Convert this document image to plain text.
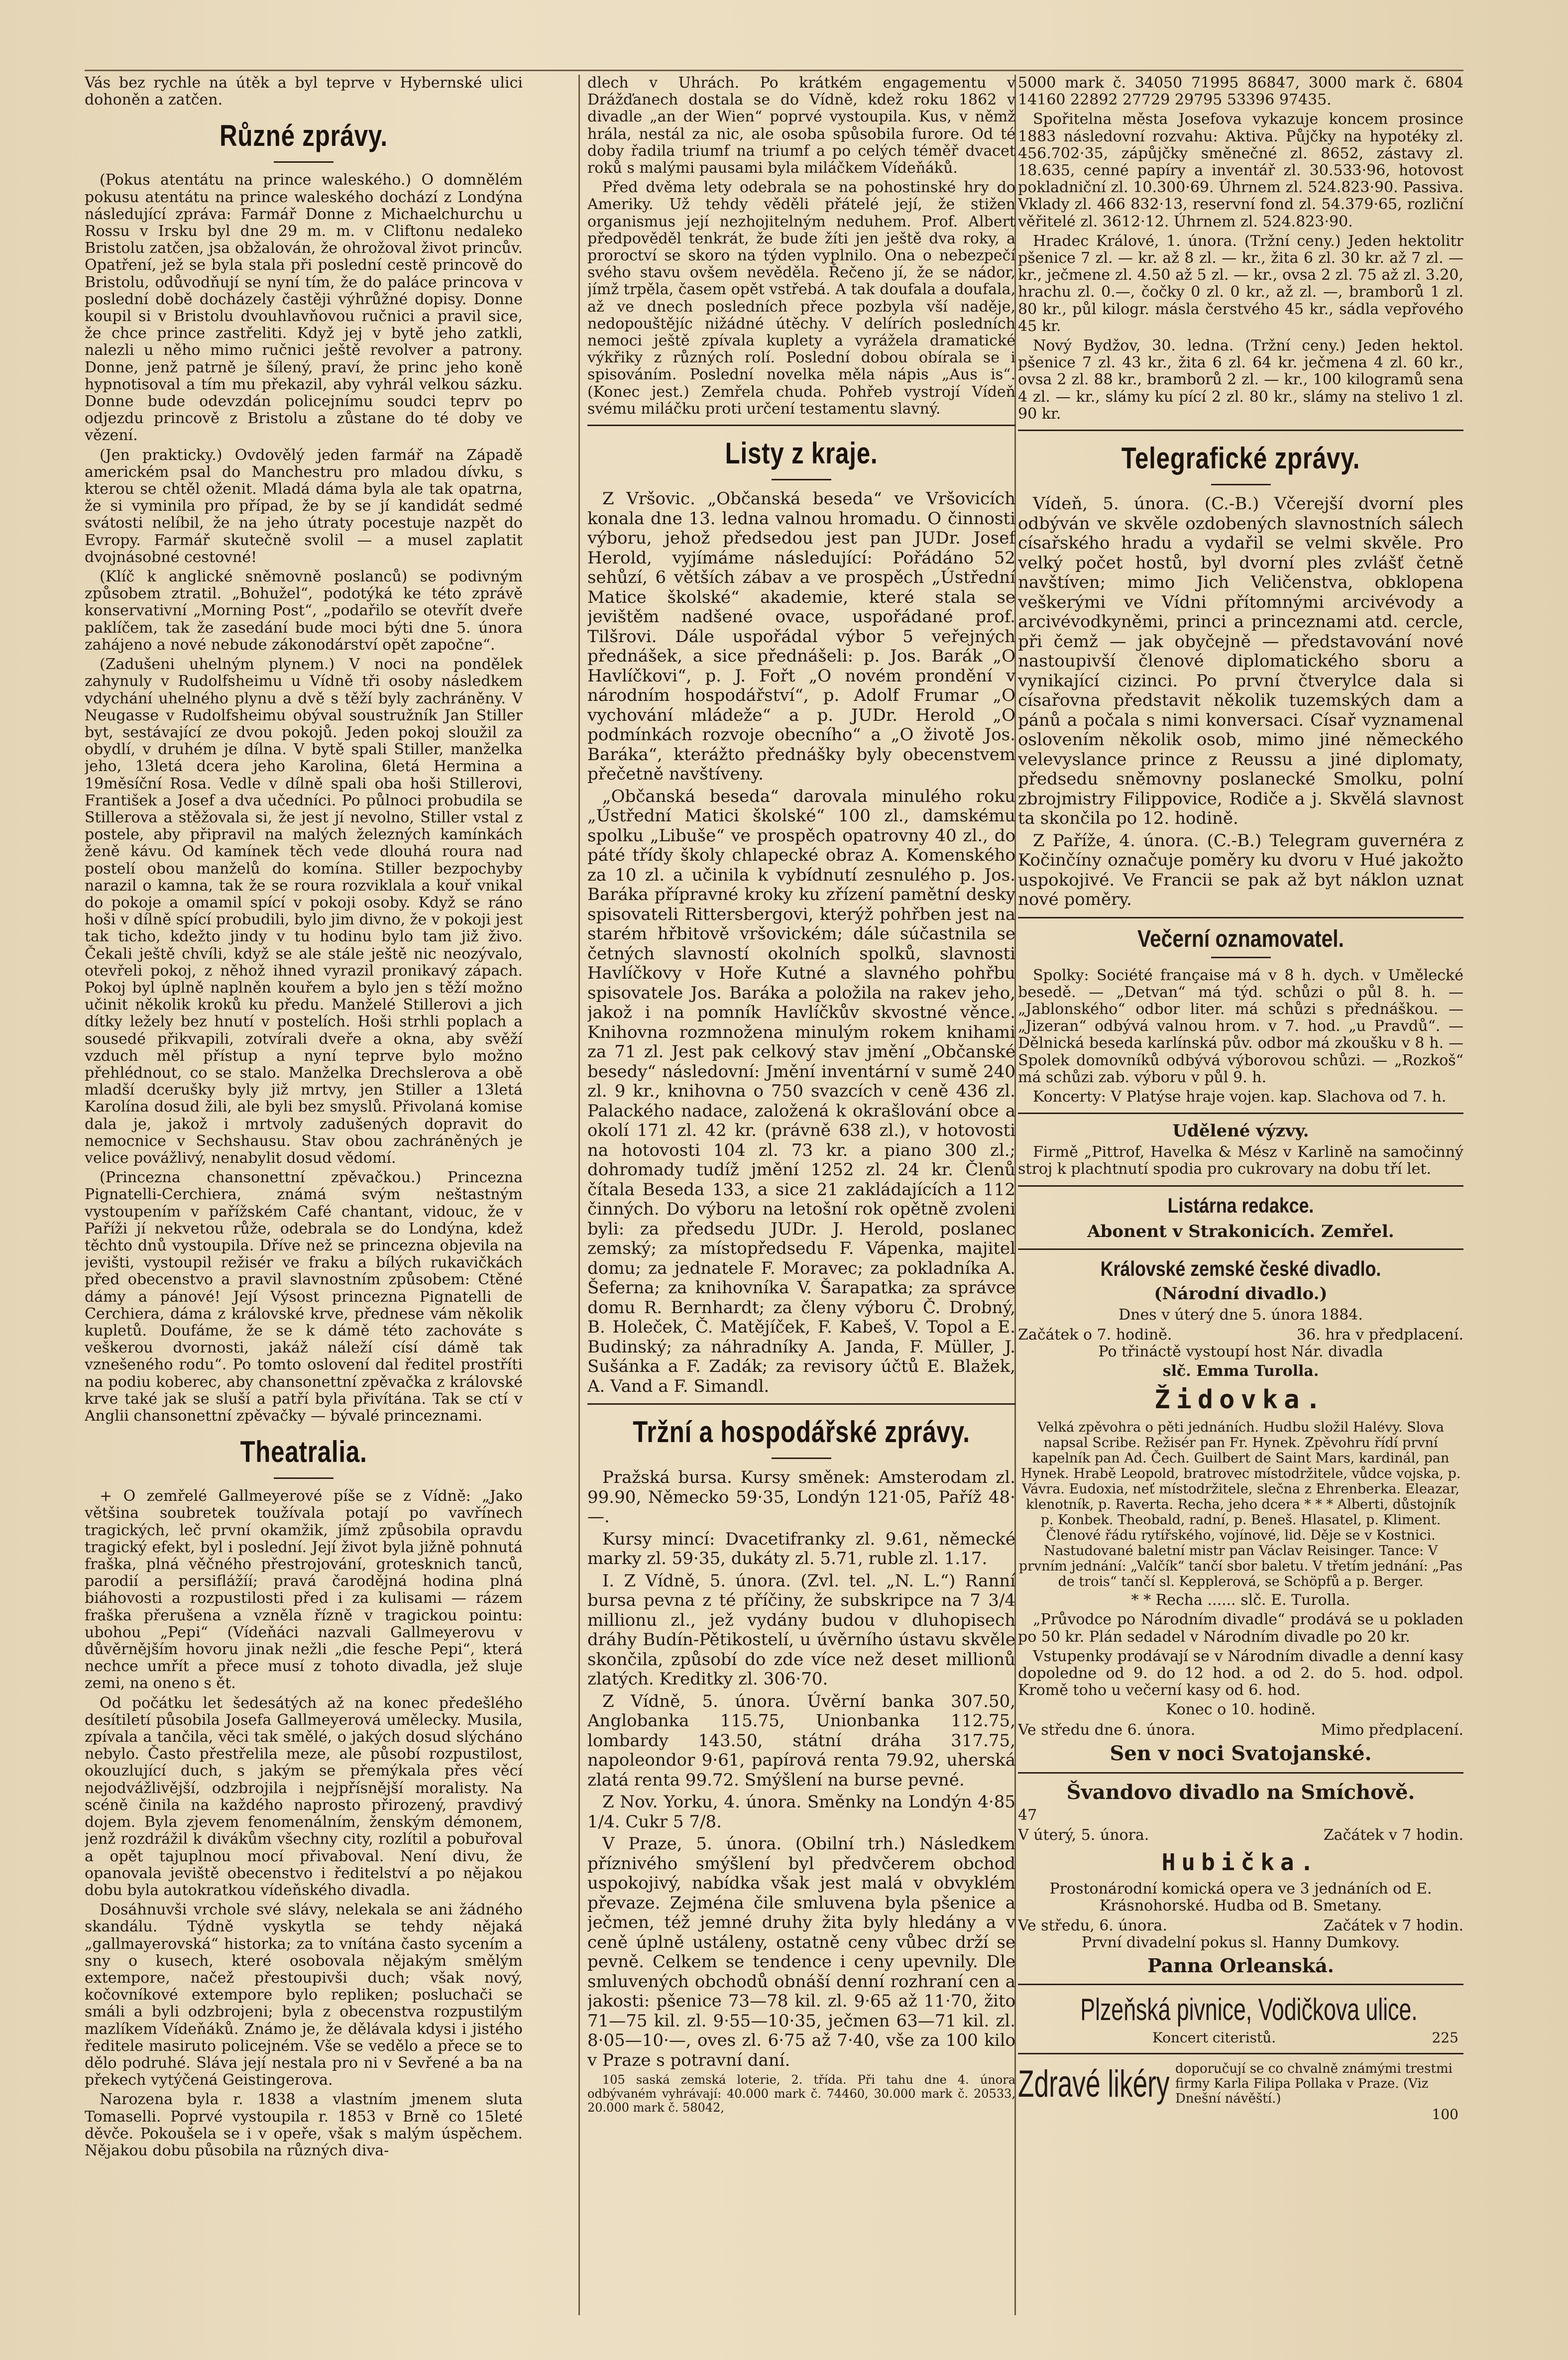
Vás bez rychle na útěk a byl teprve v Hybernské ulici dohoněn a zatčen.

Různé zprávy.

(Pokus atentátu na prince waleského.) O domnělém pokusu atentátu na prince waleského dochází z Londýna následující zpráva: Farmář Donne z Michaelchurchu u Rossu v Irsku byl dne 29 m. m. v Cliftonu nedaleko Bristolu zatčen, jsa obžalován, že ohrožoval život princův. Opatření, jež se byla stala při poslední cestě princově do Bristolu, odůvodňují se nyní tím, že do paláce princova v poslední době docházely častěji výhrůžné dopisy. Donne koupil si v Bristolu dvouhlavňovou ručnici a pravil sice, že chce prince zastřeliti. Když jej v bytě jeho zatkli, nalezli u něho mimo ručnici ještě revolver a patrony. Donne, jenž patrně je šílený, praví, že princ jeho koně hypnotisoval a tím mu překazil, aby vyhrál velkou sázku. Donne bude odevzdán policejnímu soudci teprv po odjezdu princově z Bristolu a zůstane do té doby ve vězení.

(Jen prakticky.) Ovdovělý jeden farmář na Západě americkém psal do Manchestru pro mladou dívku, s kterou se chtěl oženit. Mladá dáma byla ale tak opatrna, že si vyminila pro případ, že by se jí kandidát sedmé svátosti nelíbil, že na jeho útraty pocestuje nazpět do Evropy. Farmář skutečně svolil — a musel zaplatit dvojnásobné cestovné!

(Klíč k anglické sněmovně poslanců) se podivným způsobem ztratil. „Bohužel“, podotýká ke této zprávě konservativní „Morning Post“, „podařilo se otevřít dveře paklíčem, tak že zasedání bude moci býti dne 5. února zahájeno a nové nebude zákonodárství opět započne“.

(Zadušeni uhelným plynem.) V noci na pondělek zahynuly v Rudolfsheimu u Vídně tři osoby následkem vdychání uhelného plynu a dvě s těží byly zachráněny. V Neugasse v Rudolfsheimu obýval soustružník Jan Stiller byt, sestávající ze dvou pokojů. Jeden pokoj sloužil za obydlí, v druhém je dílna. V bytě spali Stiller, manželka jeho, 13letá dcera jeho Karolina, 6letá Hermina a 19měsíční Rosa. Vedle v dílně spali oba hoši Stillerovi, František a Josef a dva učedníci. Po půlnoci probudila se Stillerova a stěžovala si, že jest jí nevolno, Stiller vstal z postele, aby připravil na malých železných kamínkách ženě kávu. Od kamínek těch vede dlouhá roura nad postelí obou manželů do komína. Stiller bezpochyby narazil o kamna, tak že se roura rozviklala a kouř vnikal do pokoje a omamil spící v pokoji osoby. Když se ráno hoši v dílně spící probudili, bylo jim divno, že v pokoji jest tak ticho, kdežto jindy v tu hodinu bylo tam již živo. Čekali ještě chvíli, když se ale stále ještě nic neozývalo, otevřeli pokoj, z něhož ihned vyrazil pronikavý zápach. Pokoj byl úplně naplněn kouřem a bylo jen s těží možno učinit několik kroků ku předu. Manželé Stillerovi a jich dítky ležely bez hnutí v postelích. Hoši strhli poplach a sousedé přikvapili, zotvírali dveře a okna, aby svěží vzduch měl přístup a nyní teprve bylo možno přehlédnout, co se stalo. Manželka Drechslerova a obě mladší dcerušky byly již mrtvy, jen Stiller a 13letá Karolína dosud žili, ale byli bez smyslů. Přivolaná komise dala je, jakož i mrtvoly zadušených dopravit do nemocnice v Sechshausu. Stav obou zachráněných je velice povážlivý, nenabylit dosud vědomí.

(Princezna chansonettní zpěvačkou.) Princezna Pignatelli-Cerchiera, známá svým neštastným vystoupením v pařížském Café chantant, vidouc, že v Paříži jí nekvetou růže, odebrala se do Londýna, kdež těchto dnů vystoupila. Dříve než se princezna objevila na jevišti, vystoupil režisér ve fraku a bílých rukavičkách před obecenstvo a pravil slavnostním způsobem: Ctěné dámy a pánové! Její Výsost princezna Pignatelli de Cerchiera, dáma z královské krve, přednese vám několik kupletů. Doufáme, že se k dámě této zachováte s veškerou dvornosti, jakáž náleží císí dámě tak vznešeného rodu“. Po tomto oslovení dal ředitel prostříti na podiu koberec, aby chansonettní zpěvačka z královské krve také jak se sluší a patří byla přivítána. Tak se ctí v Anglii chansonettní zpěvačky — bývalé princeznami.

Theatralia.

+ O zemřelé Gallmeyerové píše se z Vídně: „Jako většina soubretek toužívala potají po vavřínech tragických, leč první okamžik, jímž způsobila opravdu tragický efekt, byl i poslední. Její život byla jižně pohnutá fraška, plná věčného přestrojování, grotesknich tanců, parodií a persiflážíí; pravá čarodějná hodina plná biáhovosti a rozpustilosti před i za kulisami — rázem fraška přerušena a vzněla řízně v tragickou pointu: ubohou „Pepi“ (Vídeňáci nazvali Gallmeyerovu v důvěrnějším hovoru jinak nežli „die fesche Pepi“, která nechce umřít a přece musí z tohoto divadla, jež sluje zemi, na oneno s ět.

Od počátku let šedesátých až na konec předešlého desítiletí působila Josefa Gallmeyerová umělecky. Musila, zpívala a tančila, věci tak smělé, o jakých dosud slýcháno nebylo. Často přestřelila meze, ale působí rozpustilost, okouzlující duch, s jakým se přemýkala přes věcí nejodvážlivější, odzbrojila i nejpřísnější moralisty. Na scéně činila na každého naprosto přirozený, pravdivý dojem. Byla zjevem fenomenálním, ženským démonem, jenž rozdrážil k divákům všechny city, rozlítil a pobuřoval a opět tajuplnou mocí přivaboval. Není divu, že opanovala jeviště obecenstvo i ředitelství a po nějakou dobu byla autokratkou vídeňského divadla.

Dosáhnuvši vrchole své slávy, nelekala se ani žádného skandálu. Týdně vyskytla se tehdy nějaká „gallmayerovská“ historka; za to vnítána často sycením a sny o kusech, které osobovala nějakým smělým extempore, načež přestoupivši duch; však nový, kočovníkové extempore bylo repliken; posluchači se smáli a byli odzbrojeni; byla z obecenstva rozpustilým mazlíkem Vídeňáků. Známo je, že dělávala kdysi i jistého ředitele masiruto policejném. Vše se vedělo a přece se to dělo podruhé. Sláva její nestala pro ni v Sevřené a ba na překech vytýčená Geistingerova.

Narozena byla r. 1838 a vlastním jmenem sluta Tomaselli. Poprvé vystoupila r. 1853 v Brně co 15leté děvče. Pokoušela se i v opeře, však s malým úspěchem. Nějakou dobu působila na různých diva-

dlech v Uhrách. Po krátkém engagementu v Drážďanech dostala se do Vídně, kdež roku 1862 v divadle „an der Wien“ poprvé vystoupila. Kus, v němž hrála, nestál za nic, ale osoba spůsobila furore. Od té doby řadila triumf na triumf a po celých téměř dvacet roků s malými pausami byla miláčkem Vídeňáků.

Před dvěma lety odebrala se na pohostinské hry do Ameriky. Už tehdy věděli přátelé její, že stižen organismus její nezhojitelným neduhem. Prof. Albert předpověděl tenkrát, že bude žíti jen ještě dva roky, a proroctví se skoro na týden vyplnilo. Ona o nebezpečí svého stavu ovšem nevěděla. Řečeno jí, že se nádor, jímž trpěla, časem opět vstřebá. A tak doufala a doufala, až ve dnech posledních přece pozbyla vší naděje, nedopouštějíc nižádné útěchy. V delírích posledních nemoci ještě zpívala kuplety a vyrážela dramatické výkřiky z různých rolí. Poslední dobou obírala se i spisováním. Poslední novelka měla nápis „Aus is“. (Konec jest.) Zemřela chuda. Pohřeb vystrojí Vídeň svému miláčku proti určení testamentu slavný.

Listy z kraje.

Z Vršovic. „Občanská beseda“ ve Vršovicích konala dne 13. ledna valnou hromadu. O činnosti výboru, jehož předsedou jest pan JUDr. Josef Herold, vyjímáme následující: Pořádáno 52 sehůzí, 6 větších zábav a ve prospěch „Ústřední Matice školské“ akademie, které stala se jevištěm nadšené ovace, uspořádané prof. Tilšrovi. Dále uspořádal výbor 5 veřejných přednášek, a sice přednášeli: p. Jos. Barák „O Havlíčkovi“, p. J. Fořt „O novém prondění v národním hospodářství“, p. Adolf Frumar „O vychování mládeže“ a p. JUDr. Herold „O podmínkách rozvoje obecního“ a „O životě Jos. Baráka“, kterážto přednášky byly obecenstvem přečetně navštíveny.

„Občanská beseda“ darovala minulého roku „Ústřední Matici školské“ 100 zl., damskému spolku „Libuše“ ve prospěch opatrovny 40 zl., do páté třídy školy chlapecké obraz A. Komenského za 10 zl. a učinila k vybídnutí zesnulého p. Jos. Baráka přípravné kroky ku zřízení pamětní desky spisovateli Rittersbergovi, kterýž pohřben jest na starém hřbitově vršovickém; dále súčastnila se četných slavností okolních spolků, slavnosti Havlíčkovy v Hoře Kutné a slavného pohřbu spisovatele Jos. Baráka a položila na rakev jeho, jakož i na pomník Havlíčkův skvostné věnce. Knihovna rozmnožena minulým rokem knihami za 71 zl. Jest pak celkový stav jmění „Občanské besedy“ následovní: Jmění inventární v sumě 240 zl. 9 kr., knihovna o 750 svazcích v ceně 436 zl. Palackého nadace, založená k okrašlování obce a okolí 171 zl. 42 kr. (právně 638 zl.), v hotovosti na hotovosti 104 zl. 73 kr. a piano 300 zl.; dohromady tudíž jmění 1252 zl. 24 kr. Členů čítala Beseda 133, a sice 21 zakládajících a 112 činných. Do výboru na letošní rok opětně zvoleni byli: za předsedu JUDr. J. Herold, poslanec zemský; za místopředsedu F. Vápenka, majitel domu; za jednatele F. Moravec; za pokladníka A. Šeferna; za knihovníka V. Šarapatka; za správce domu R. Bernhardt; za členy výboru Č. Drobný, B. Holeček, Č. Matějíček, F. Kabeš, V. Topol a E. Budinský; za náhradníky A. Janda, F. Müller, J. Sušánka a F. Zadák; za revisory účtů E. Blažek, A. Vand a F. Simandl.

Tržní a hospodářské zprávy.

Pražská bursa. Kursy směnek: Amsterodam zl. 99.90, Německo 59·35, Londýn 121·05, Paříž 48·—.

Kursy mincí: Dvacetifranky zl. 9.61, německé marky zl. 59·35, dukáty zl. 5.71, ruble zl. 1.17.

I. Z Vídně, 5. února. (Zvl. tel. „N. L.“) Ranní bursa pevna z té příčiny, že subskripce na 7 3/4 millionu zl., jež vydány budou v dluhopisech dráhy Budín-Pětikostelí, u úvěrního ústavu skvěle skončila, způsobí do zde více než deset millionů zlatých. Kreditky zl. 306·70.

Z Vídně, 5. února. Úvěrní banka 307.50, Anglobanka 115.75, Unionbanka 112.75, lombardy 143.50, státní dráha 317.75, napoleondor 9·61, papírová renta 79.92, uherská zlatá renta 99.72. Smýšlení na burse pevné.

Z Nov. Yorku, 4. února. Směnky na Londýn 4·85 1/4. Cukr 5 7/8.

V Praze, 5. února. (Obilní trh.) Následkem příznivého smýšlení byl předvčerem obchod uspokojivý, nabídka však jest malá v obvyklém převaze. Zejména čile smluvena byla pšenice a ječmen, též jemné druhy žita byly hledány a v ceně úplně ustáleny, ostatně ceny vůbec drží se pevně. Celkem se tendence i ceny upevnily. Dle smluvených obchodů obnáší denní rozhraní cen a jakosti: pšenice 73—78 kil. zl. 9·65 až 11·70, žito 71—75 kil. zl. 9·55—10·35, ječmen 63—71 kil. zl. 8·05—10·—, oves zl. 6·75 až 7·40, vše za 100 kilo v Praze s potravní daní.

105 saská zemská loterie, 2. třída. Při tahu dne 4. února odbývaném vyhrávají: 40.000 mark č. 74460, 30.000 mark č. 20533, 20.000 mark č. 58042,

5000 mark č. 34050 71995 86847, 3000 mark č. 6804 14160 22892 27729 29795 53396 97435.

Spořitelna města Josefova vykazuje koncem prosince 1883 následovní rozvahu: Aktiva. Půjčky na hypotéky zl. 456.702·35, zápůjčky směnečné zl. 8652, zástavy zl. 18.635, cenné papíry a inventář zl. 30.533·96, hotovost pokladniční zl. 10.300·69. Úhrnem zl. 524.823·90. Passiva. Vklady zl. 466 832·13, reservní fond zl. 54.379·65, rozliční věřitelé zl. 3612·12. Úhrnem zl. 524.823·90.

Hradec Králové, 1. února. (Tržní ceny.) Jeden hektolitr pšenice 7 zl. — kr. až 8 zl. — kr., žita 6 zl. 30 kr. až 7 zl. — kr., ječmene zl. 4.50 až 5 zl. — kr., ovsa 2 zl. 75 až zl. 3.20, hrachu zl. 0.—, čočky 0 zl. 0 kr., až zl. —, bramborů 1 zl. 80 kr., půl kilogr. másla čerstvého 45 kr., sádla vepřového 45 kr.

Nový Bydžov, 30. ledna. (Tržní ceny.) Jeden hektol. pšenice 7 zl. 43 kr., žita 6 zl. 64 kr. ječmena 4 zl. 60 kr., ovsa 2 zl. 88 kr., bramborů 2 zl. — kr., 100 kilogramů sena 4 zl. — kr., slámy ku pící 2 zl. 80 kr., slámy na stelivo 1 zl. 90 kr.

Telegrafické zprávy.

Vídeň, 5. února. (C.-B.) Včerejší dvorní ples odbýván ve skvěle ozdobených slavnostních sálech císařského hradu a vydařil se velmi skvěle. Pro velký počet hostů, byl dvorní ples zvlášť četně navštíven; mimo Jich Veličenstva, obklopena veškerými ve Vídni přítomnými arcivévody a arcivévodkyněmi, princi a princeznami atd. cercle, při čemž — jak obyčejně — představování nové nastoupivší členové diplomatického sboru a vynikající cizinci. Po první čtverylce dala si císařovna představit několik tuzemských dam a pánů a počala s nimi konversaci. Císař vyznamenal oslovením několik osob, mimo jiné německého velevyslance prince z Reussu a jiné diplomaty, předsedu sněmovny poslanecké Smolku, polní zbrojmistry Filippovice, Rodiče a j. Skvělá slavnost ta skončila po 12. hodině.

Z Paříže, 4. února. (C.-B.) Telegram guvernéra z Kočinčíny označuje poměry ku dvoru v Hué jakožto uspokojivé. Ve Francii se pak až byt náklon uznat nové poměry.

Večerní oznamovatel.

Spolky: Société française má v 8 h. dych. v Umělecké besedě. — „Detvan“ má týd. schůzi o půl 8. h. — „Jablonského“ odbor liter. má schůzi s přednáškou. — „Jizeran“ odbývá valnou hrom. v 7. hod. „u Pravdů“. — Dělnická beseda karlínská pův. odbor má zkoušku v 8 h. — Spolek domovníků odbývá výborovou schůzi. — „Rozkoš“ má schůzi zab. výboru v půl 9. h.

Koncerty: V Platýse hraje vojen. kap. Slachova od 7. h.

Udělené výzvy.

Firmě „Pittrof, Havelka & Mész v Karlině na samočinný stroj k plachtnutí spodia pro cukrovary na dobu tří let.

Listárna redakce.
Abonent v Strakonicích. Zemřel.
Královské zemské české divadlo.
(Národní divadlo.)

Dnes v úterý dne 5. února 1884.

Začátek o 7. hodině.	36. hra v předplacení.

Po třináctě vystoupí host Nár. divadla

slč. Emma Turolla.

Židovka.

Velká zpěvohra o pěti jednáních. Hudbu složil Halévy. Slova napsal Scribe. Režisér pan Fr. Hynek. Zpěvohru řídí první kapelník pan Ad. Čech. Guilbert de Saint Mars, kardinál, pan Hynek. Hrabě Leopold, bratrovec místodržitele, vůdce vojska, p. Vávra. Eudoxia, neť místodržitele, slečna z Ehrenberka. Eleazar, klenotník, p. Raverta. Recha, jeho dcera * * * Alberti, důstojník p. Konbek. Theobald, radní, p. Beneš. Hlasatel, p. Kliment. Členové řádu rytířského, vojínové, lid. Děje se v Kostnici. Nastudované baletní mistr pan Václav Reisinger. Tance: V prvním jednání: „Valčík“ tančí sbor baletu. V třetím jednání: „Pas de trois“ tančí sl. Kepplerová, se Schöpfů a p. Berger.

* * Recha ...... slč. E. Turolla.

„Průvodce po Národním divadle“ prodává se u pokladen po 50 kr. Plán sedadel v Národním divadle po 20 kr.

Vstupenky prodávají se v Národním divadle a denní kasy dopoledne od 9. do 12 hod. a od 2. do 5. hod. odpol. Kromě toho u večerní kasy od 6. hod.

Konec o 10. hodině.

Ve středu dne 6. února.	Mimo předplacení.
Sen v noci Svatojanské.
Švandovo divadlo na Smíchově.

47

V úterý, 5. února.	Začátek v 7 hodin.
Hubička.

Prostonárodní komická opera ve 3 jednáních od E. Krásnohorské. Hudba od B. Smetany.

Ve středu, 6. února.	Začátek v 7 hodin.

První divadelní pokus sl. Hanny Dumkovy.

Panna Orleanská.
Plzeňská pivnice, Vodičkova ulice.
Koncert citeristů.	225
Zdravé likéry doporučují se co chvalně známými trestmi firmy Karla Filipa Pollaka v Praze. (Viz Dnešní návěští.)
100
